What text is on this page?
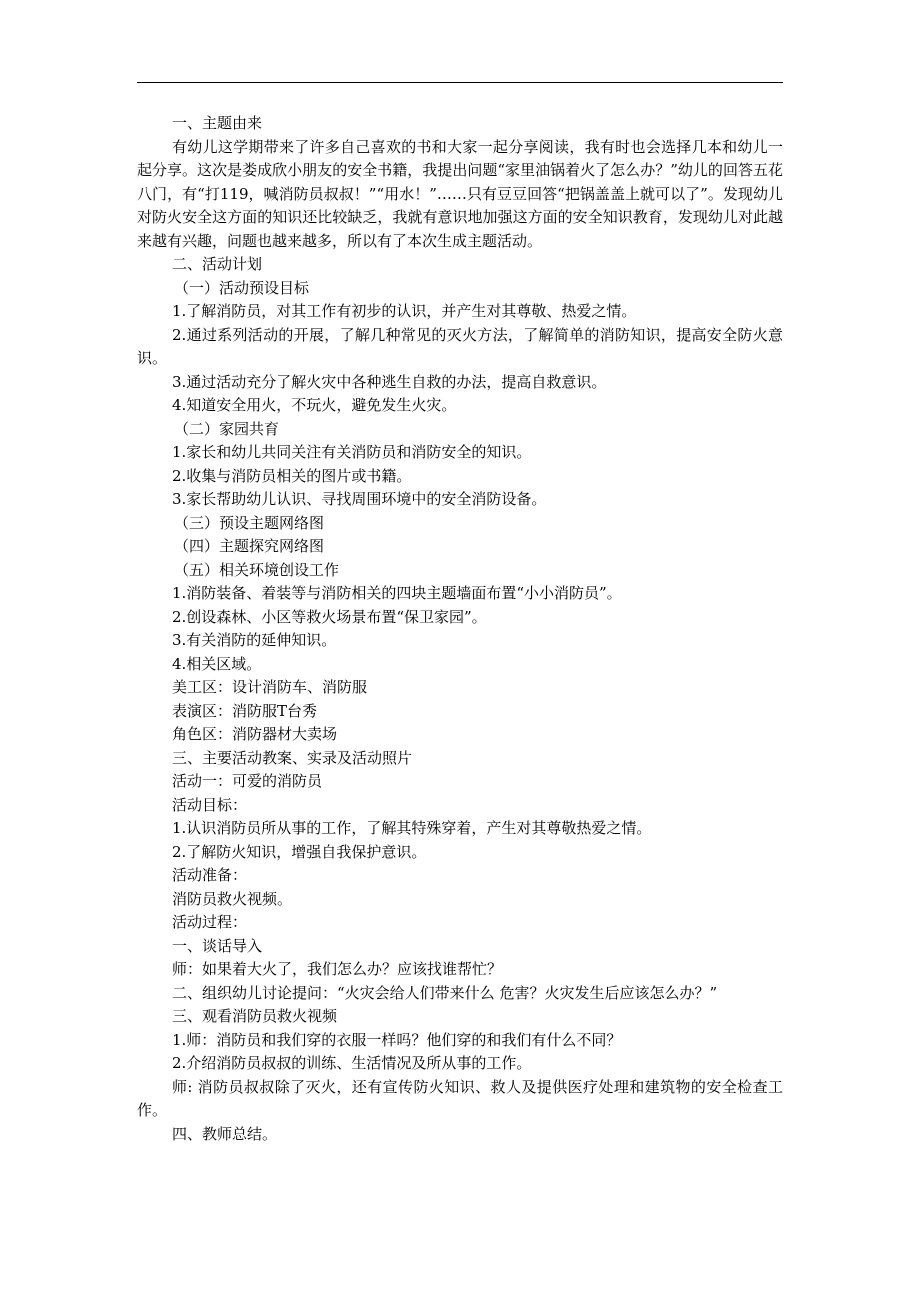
一、主题由来

有幼儿这学期带来了许多自己喜欢的书和大家一起分享阅读，我有时也会选择几本和幼儿一起分享。这次是娄成欣小朋友的安全书籍，我提出问题“家里油锅着火了怎么办？”幼儿的回答五花八门，有“打119，喊消防员叔叔！”“用水！”……只有豆豆回答“把锅盖盖上就可以了”。发现幼儿对防火安全这方面的知识还比较缺乏，我就有意识地加强这方面的安全知识教育，发现幼儿对此越来越有兴趣，问题也越来越多，所以有了本次生成主题活动。

二、活动计划

（一）活动预设目标

1.了解消防员，对其工作有初步的认识，并产生对其尊敬、热爱之情。

2.通过系列活动的开展，了解几种常见的灭火方法，了解简单的消防知识，提高安全防火意识。

3.通过活动充分了解火灾中各种逃生自救的办法，提高自救意识。

4.知道安全用火，不玩火，避免发生火灾。

（二）家园共育

1.家长和幼儿共同关注有关消防员和消防安全的知识。

2.收集与消防员相关的图片或书籍。

3.家长帮助幼儿认识、寻找周围环境中的安全消防设备。

（三）预设主题网络图

（四）主题探究网络图

（五）相关环境创设工作

1.消防装备、着装等与消防相关的四块主题墙面布置“小小消防员”。

2.创设森林、小区等救火场景布置“保卫家园”。

3.有关消防的延伸知识。

4.相关区域。

美工区：设计消防车、消防服

表演区：消防服T台秀

角色区：消防器材大卖场

三、主要活动教案、实录及活动照片

活动一：可爱的消防员

活动目标：

1.认识消防员所从事的工作，了解其特殊穿着，产生对其尊敬热爱之情。

2.了解防火知识，增强自我保护意识。

活动准备：

消防员救火视频。

活动过程：

一、谈话导入

师：如果着大火了，我们怎么办？应该找谁帮忙？

二、组织幼儿讨论提问：“火灾会给人们带来什么 危害？火灾发生后应该怎么办？”

三、观看消防员救火视频

1.师：消防员和我们穿的衣服一样吗？他们穿的和我们有什么不同？

2.介绍消防员叔叔的训练、生活情况及所从事的工作。

师: 消防员叔叔除了灭火，还有宣传防火知识、救人及提供医疗处理和建筑物的安全检查工作。

四、教师总结。
